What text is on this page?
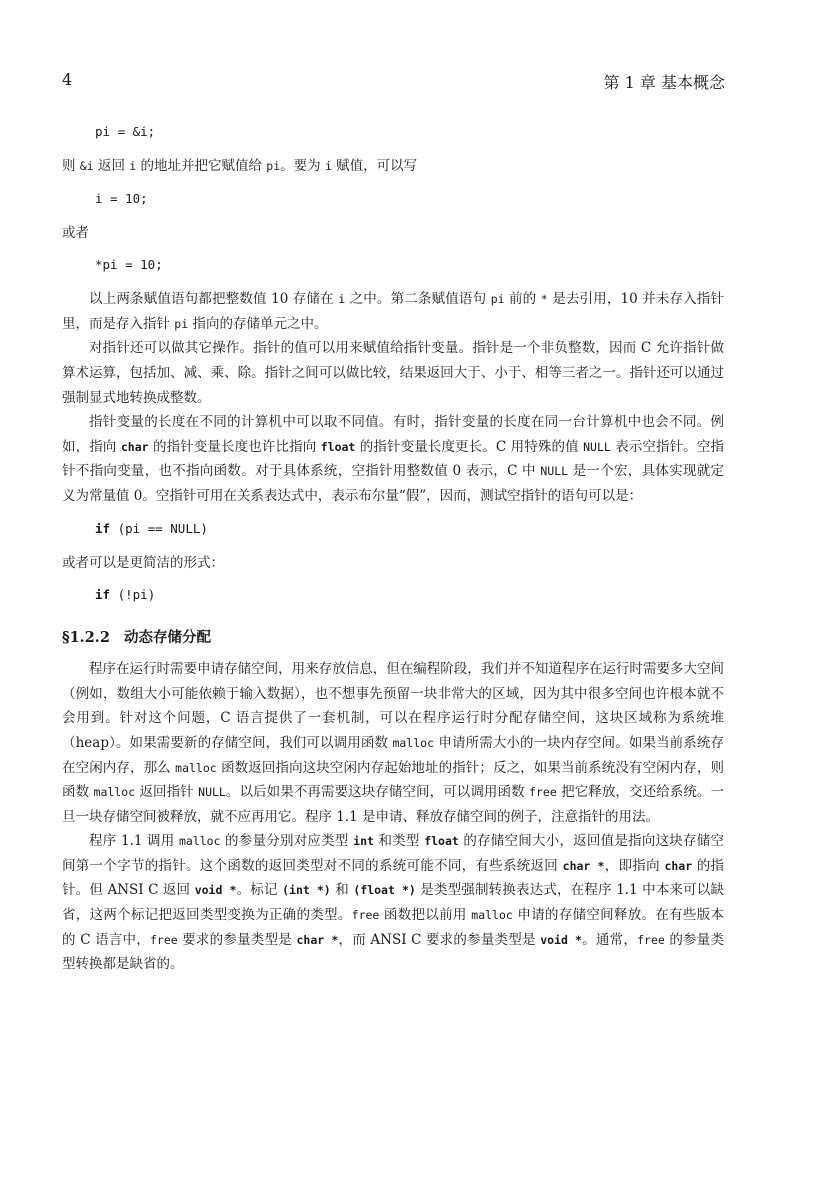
4	第 1 章 基本概念
pi = &i;

则 &i 返回 i 的地址并把它赋值给 pi。要为 i 赋值，可以写

i = 10;

或者

*pi = 10;

以上两条赋值语句都把整数值 10 存储在 i 之中。第二条赋值语句 pi 前的 * 是去引用，10 并未存入指针里，而是存入指针 pi 指向的存储单元之中。

对指针还可以做其它操作。指针的值可以用来赋值给指针变量。指针是一个非负整数，因而 C 允许指针做算术运算，包括加、减、乘、除。指针之间可以做比较，结果返回大于、小于、相等三者之一。指针还可以通过强制显式地转换成整数。

指针变量的长度在不同的计算机中可以取不同值。有时，指针变量的长度在同一台计算机中也会不同。例如，指向 char 的指针变量长度也许比指向 float 的指针变量长度更长。C 用特殊的值 NULL 表示空指针。空指针不指向变量，也不指向函数。对于具体系统，空指针用整数值 0 表示，C 中 NULL 是一个宏，具体实现就定义为常量值 0。空指针可用在关系表达式中，表示布尔量“假”，因而，测试空指针的语句可以是：

if (pi == NULL)

或者可以是更简洁的形式：

if (!pi)
§1.2.2 动态存储分配

程序在运行时需要申请存储空间，用来存放信息，但在编程阶段，我们并不知道程序在运行时需要多大空间（例如，数组大小可能依赖于输入数据），也不想事先预留一块非常大的区域，因为其中很多空间也许根本就不会用到。针对这个问题，C 语言提供了一套机制，可以在程序运行时分配存储空间，这块区域称为系统堆（heap）。如果需要新的存储空间，我们可以调用函数 malloc 申请所需大小的一块内存空间。如果当前系统存在空闲内存，那么 malloc 函数返回指向这块空闲内存起始地址的指针；反之，如果当前系统没有空闲内存，则函数 malloc 返回指针 NULL。以后如果不再需要这块存储空间，可以调用函数 free 把它释放，交还给系统。一旦一块存储空间被释放，就不应再用它。程序 1.1 是申请、释放存储空间的例子，注意指针的用法。

程序 1.1 调用 malloc 的参量分别对应类型 int 和类型 float 的存储空间大小，返回值是指向这块存储空间第一个字节的指针。这个函数的返回类型对不同的系统可能不同，有些系统返回 char *，即指向 char 的指针。但 ANSI C 返回 void *。标记 (int *) 和 (float *) 是类型强制转换表达式，在程序 1.1 中本来可以缺省，这两个标记把返回类型变换为正确的类型。free 函数把以前用 malloc 申请的存储空间释放。在有些版本的 C 语言中，free 要求的参量类型是 char *，而 ANSI C 要求的参量类型是 void *。通常，free 的参量类型转换都是缺省的。
